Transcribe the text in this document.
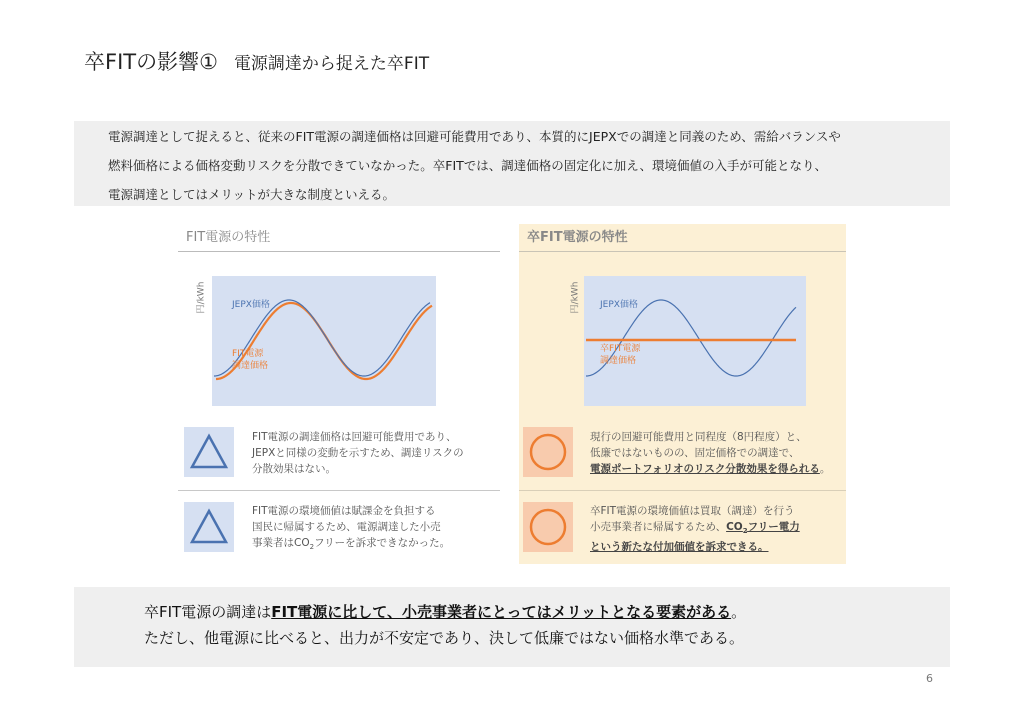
卒FITの影響① 電源調達から捉えた卒FIT

電源調達として捉えると、従来のFIT電源の調達価格は回避可能費用であり、本質的にJEPXでの調達と同義のため、需給バランスや

燃料価格による価格変動リスクを分散できていなかった。卒FITでは、調達価格の固定化に加え、環境価値の入手が可能となり、

電源調達としてはメリットが大きな制度といえる。

FIT電源の特性	卒FIT電源の特性
円/kWh	JEPX価格
FIT電源
調達価格
円/kWh JEPX価格
卒FIT電源
調達価格
FIT電源の調達価格は回避可能費用であり、
JEPXと同様の変動を示すため、調達リスクの
分散効果はない。
FIT電源の環境価値は賦課金を負担する
国民に帰属するため、電源調達した小売
事業者は$CO_2$フリーを訴求できなかった。
現行の回避可能費用と同程度（8円程度）と、
低廉ではないものの、固定価格での調達で、
電源ポートフォリオのリスク分散効果を得られる。
卒FIT電源の環境価値は買取（調達）を行う
小売事業者に帰属するため、$CO_2$フリー電力
という新たな付加価値を訴求できる。

卒FIT電源の調達はFIT電源に比して、小売事業者にとってはメリットとなる要素がある。

ただし、他電源に比べると、出力が不安定であり、決して低廉ではない価格水準である。

6
